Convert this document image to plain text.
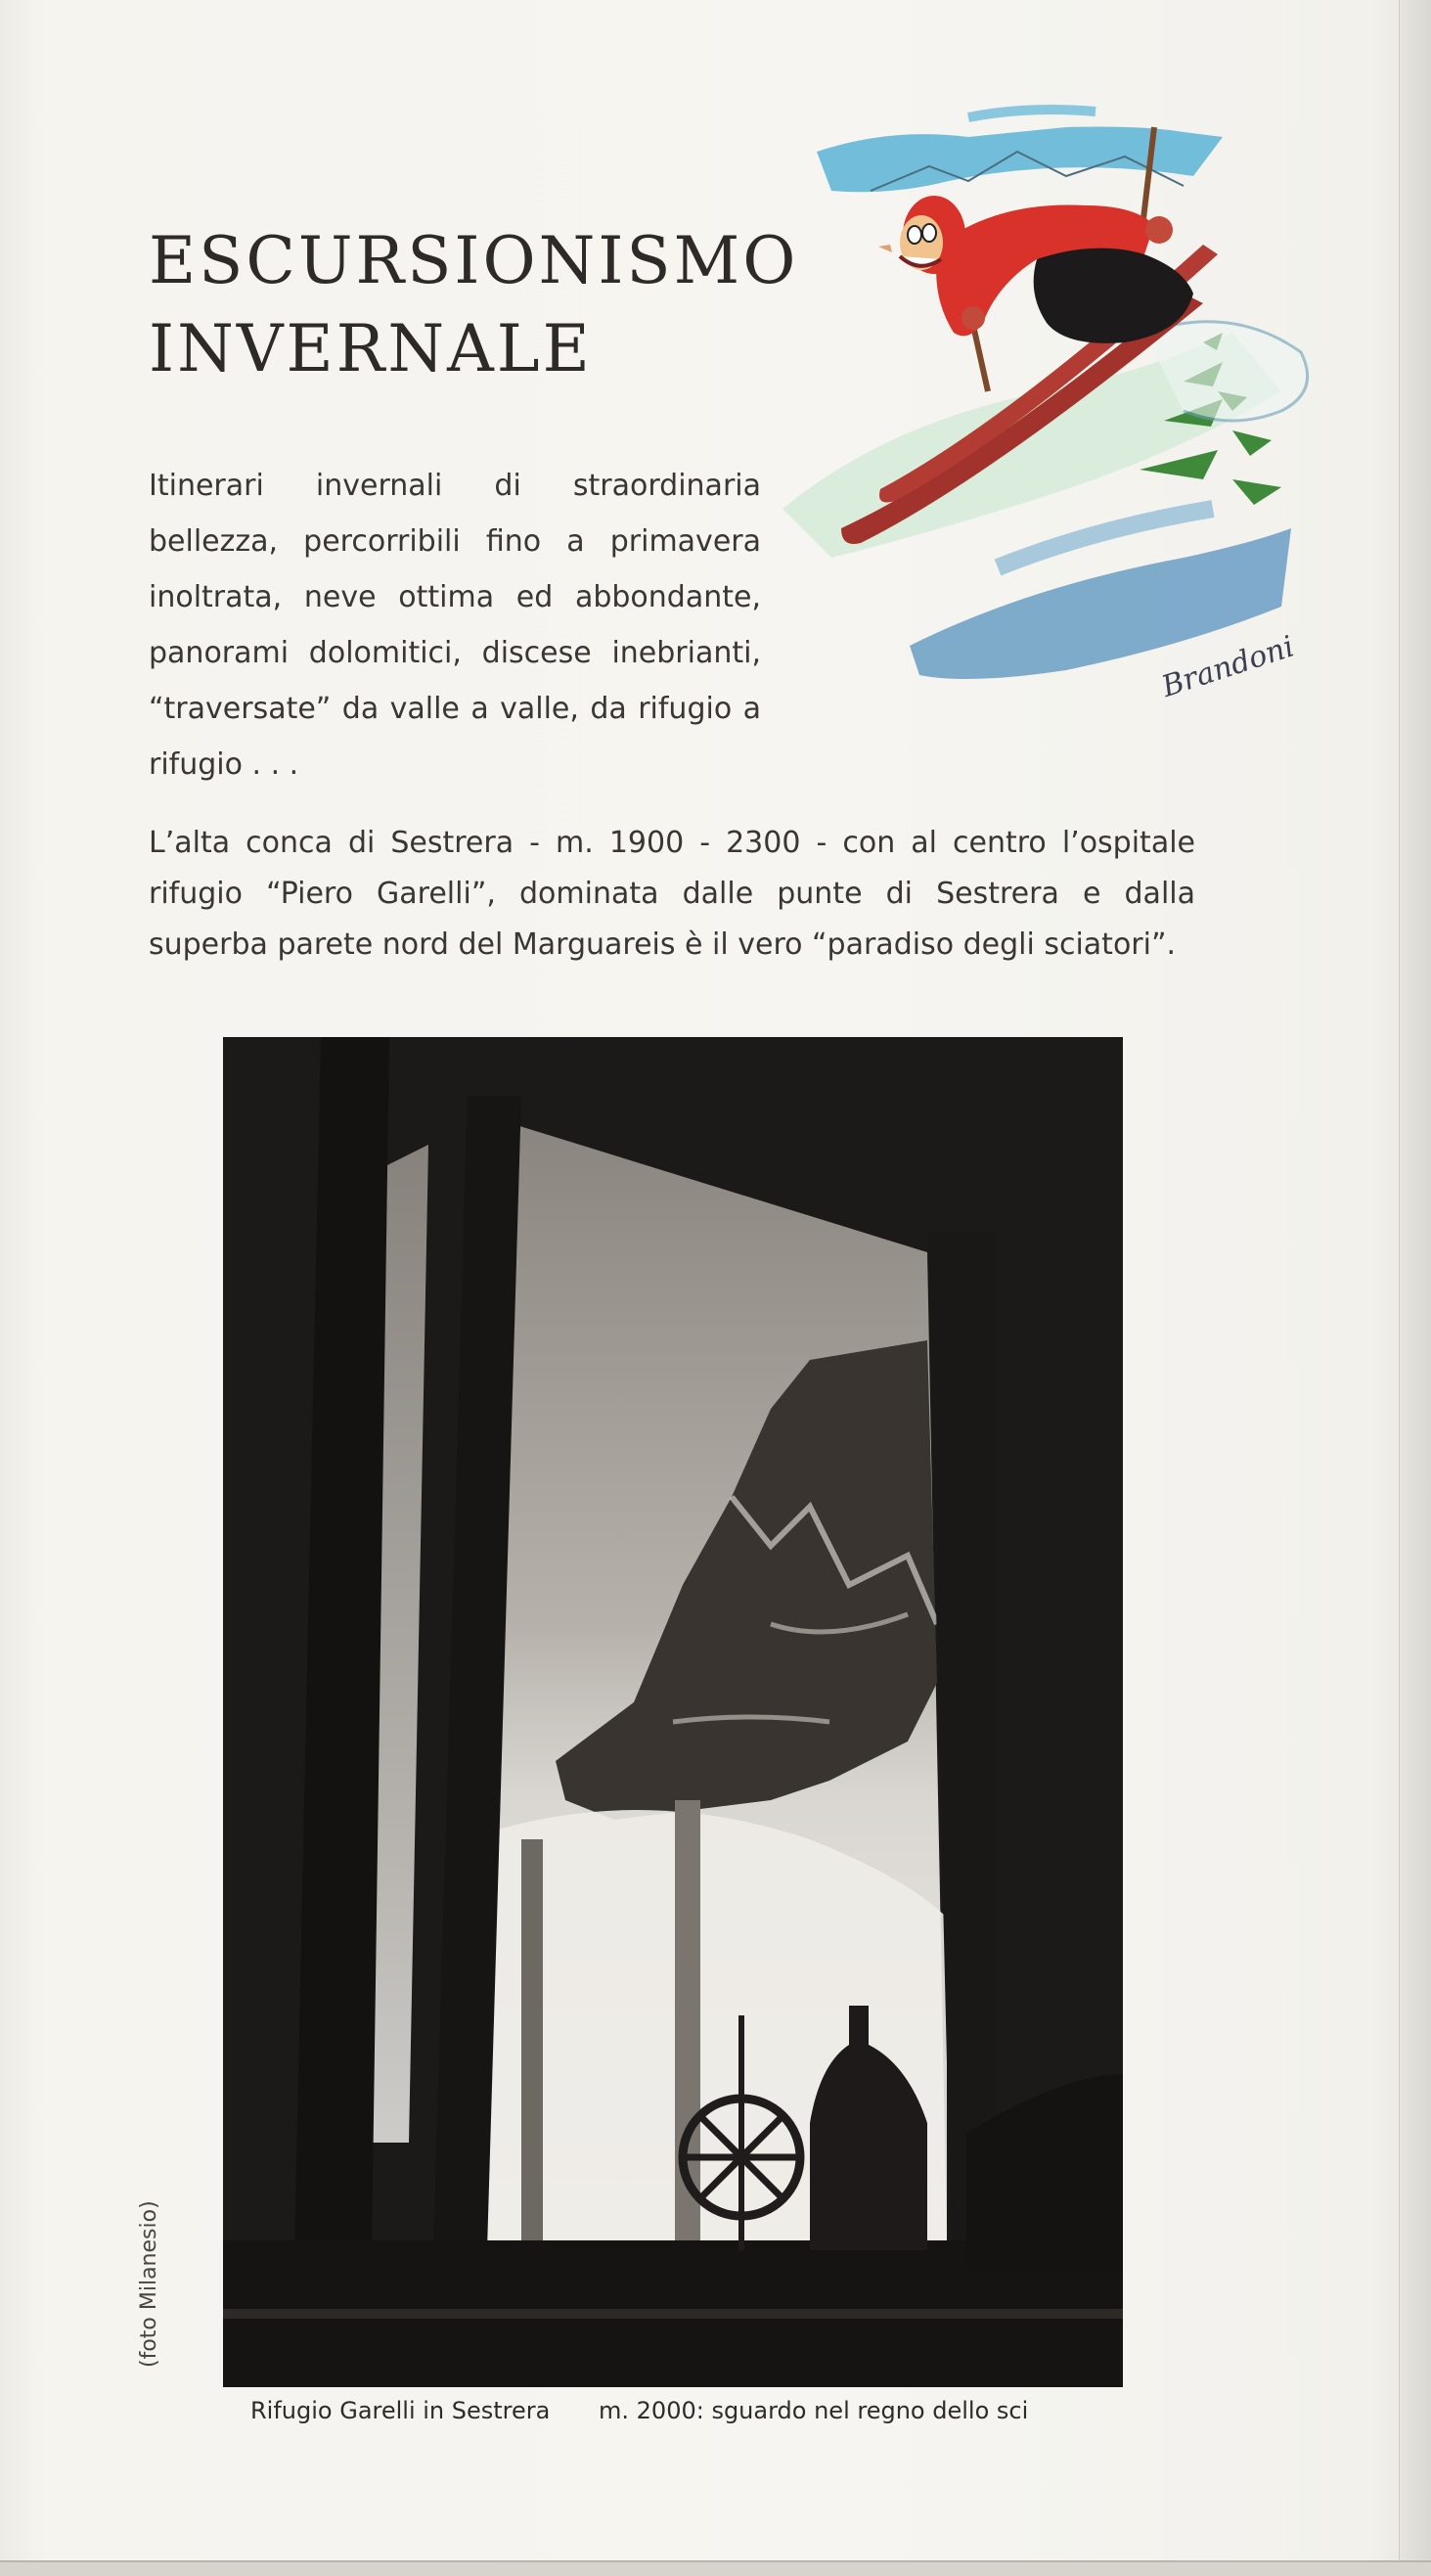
ESCURSIONISMO
INVERNALE
Itinerari invernali di straordinaria bellezza, percorribili fino a primavera inoltrata, neve ottima ed abbondante, panorami dolomitici, discese inebrianti, “traversate” da valle a valle, da rifugio a rifugio . . .
Brandoni
L’alta conca di Sestrera - m. 1900 - 2300 - con al centro l’ospitale rifugio “Piero Garelli”, dominata dalle punte di Sestrera e dalla superba parete nord del Marguareis è il vero “paradiso degli sciatori”.
(foto Milanesio)
Rifugio Garelli in Sestrera m. 2000: sguardo nel regno dello sci
